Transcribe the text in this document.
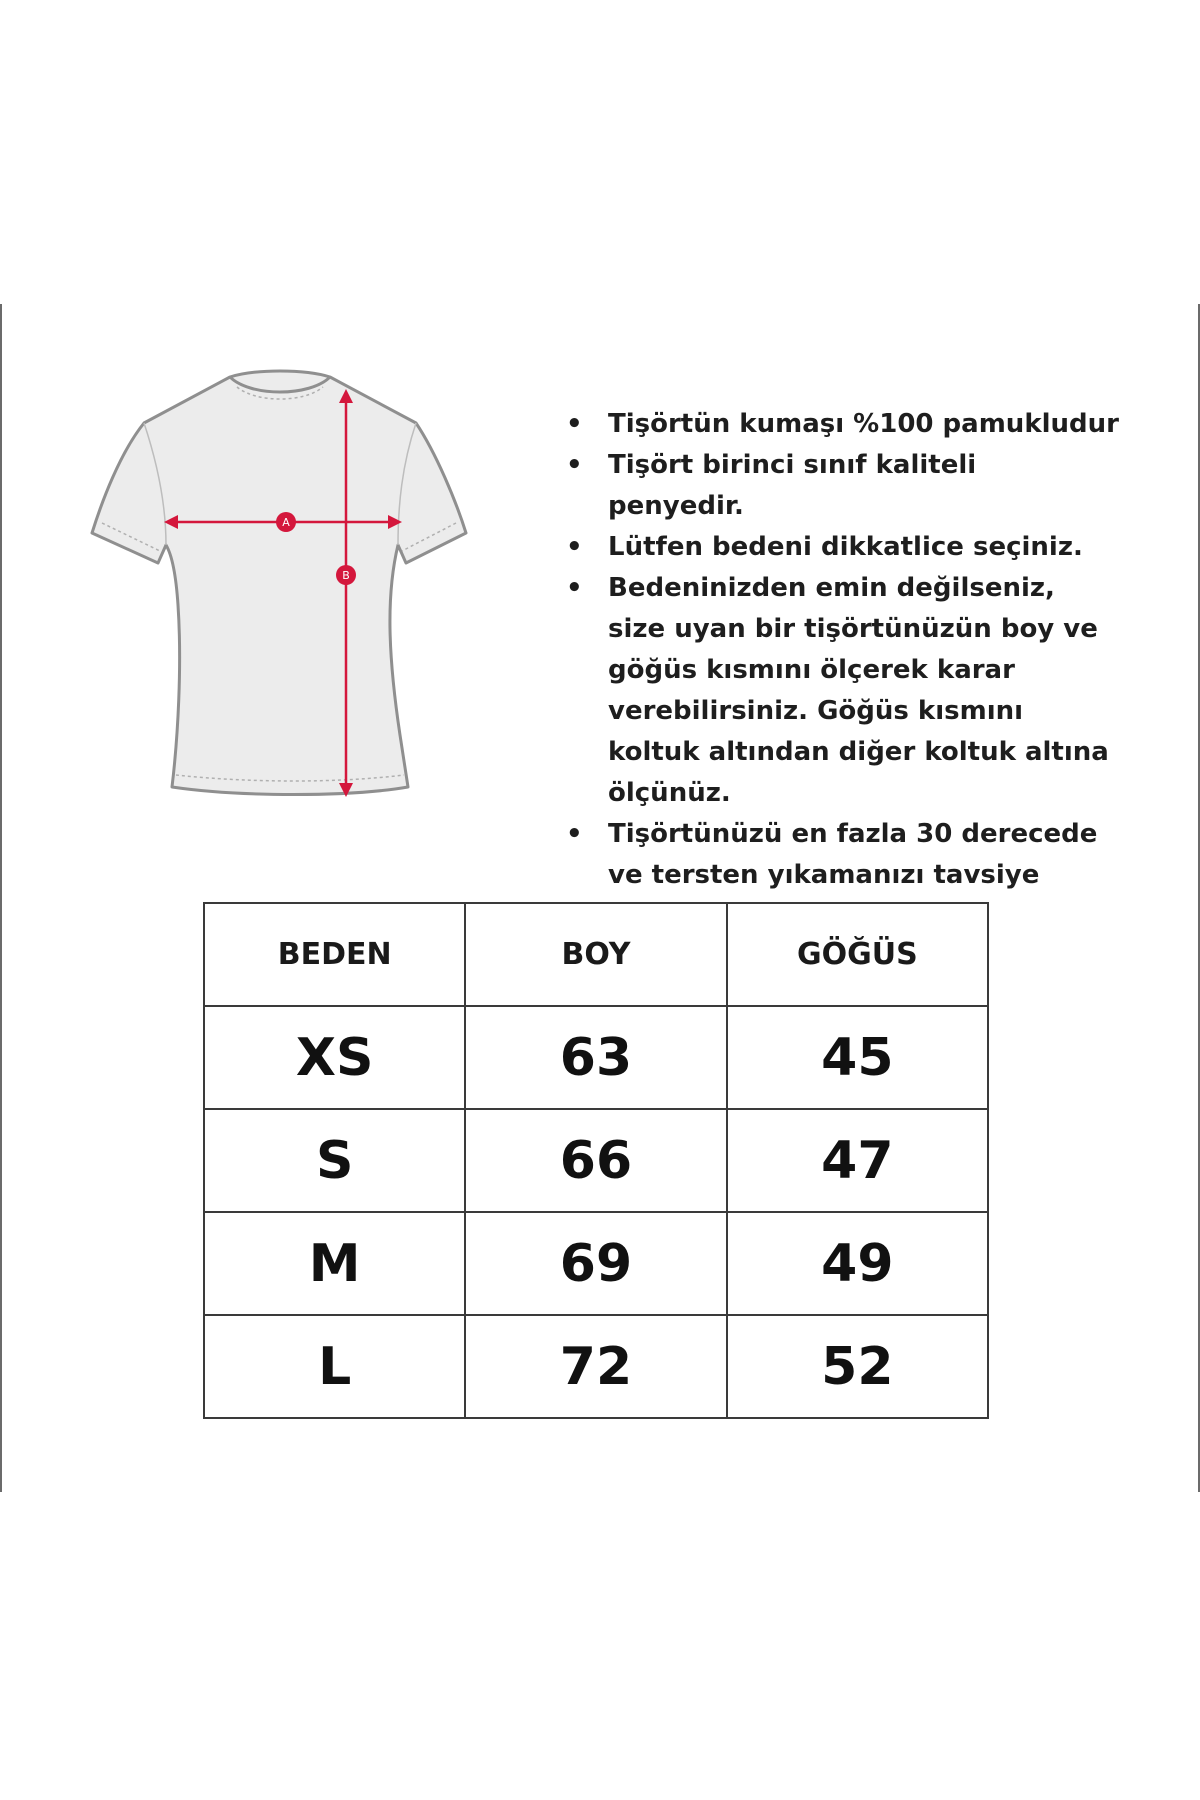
A
B
• Tişörtün kumaşı %100 pamukludur
• Tişört birinci sınıf kaliteli penyedir.
• Lütfen bedeni dikkatlice seçiniz.
• Bedeninizden emin değilseniz, size uyan bir tişörtünüzün boy ve göğüs kısmını ölçerek karar verebilirsiniz. Göğüs kısmını koltuk altından diğer koltuk altına ölçünüz.
• Tişörtünüzü en fazla 30 derecede ve tersten yıkamanızı tavsiye
BEDEN	BOY	GÖĞÜS
XS	63	45
S	66	47
M	69	49
L	72	52
